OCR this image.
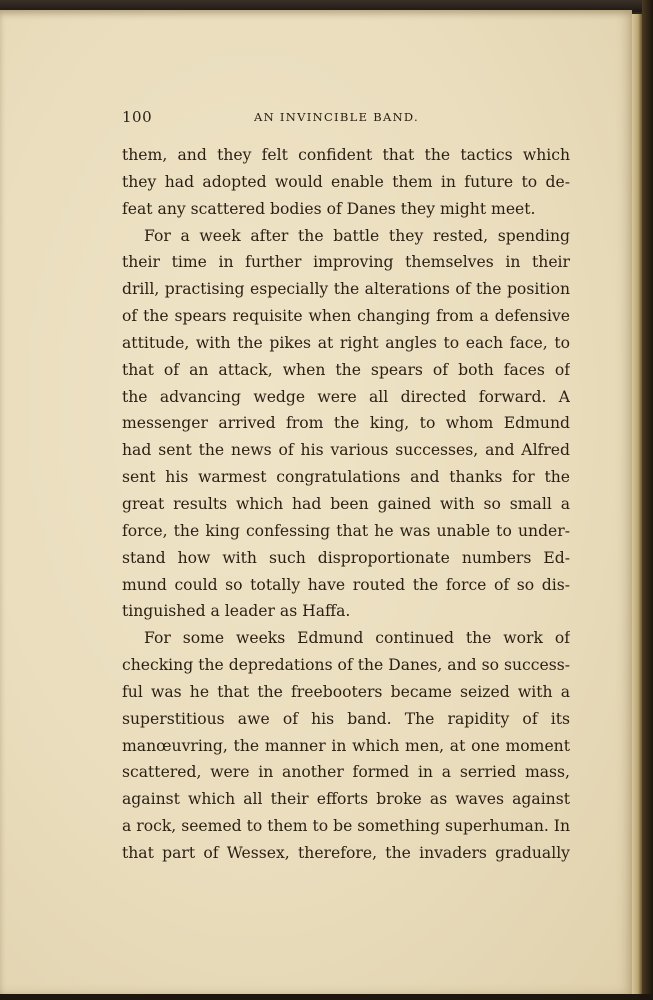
100	AN INVINCIBLE BAND.
them, and they felt confident that the tactics which
they had adopted would enable them in future to de-
feat any scattered bodies of Danes they might meet.
For a week after the battle they rested, spending
their time in further improving themselves in their
drill, practising especially the alterations of the position
of the spears requisite when changing from a defensive
attitude, with the pikes at right angles to each face, to
that of an attack, when the spears of both faces of
the advancing wedge were all directed forward. A
messenger arrived from the king, to whom Edmund
had sent the news of his various successes, and Alfred
sent his warmest congratulations and thanks for the
great results which had been gained with so small a
force, the king confessing that he was unable to under-
stand how with such disproportionate numbers Ed-
mund could so totally have routed the force of so dis-
tinguished a leader as Haffa.
For some weeks Edmund continued the work of
checking the depredations of the Danes, and so success-
ful was he that the freebooters became seized with a
superstitious awe of his band. The rapidity of its
manœuvring, the manner in which men, at one moment
scattered, were in another formed in a serried mass,
against which all their efforts broke as waves against
a rock, seemed to them to be something superhuman. In
that part of Wessex, therefore, the invaders gradually
